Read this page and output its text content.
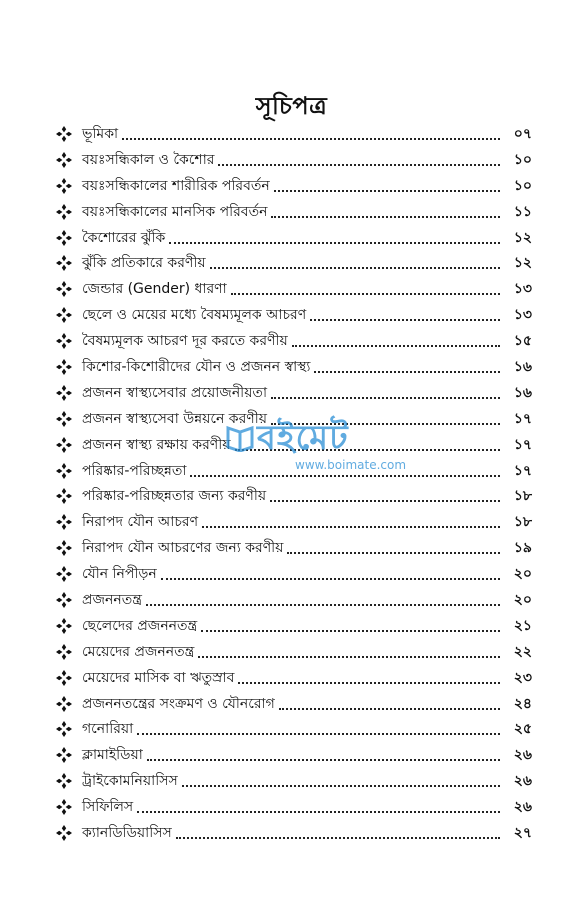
সূচিপত্র
ভূমিকা	০৭
বয়ঃসন্ধিকাল ও কৈশোর	১০
বয়ঃসন্ধিকালের শারীরিক পরিবর্তন	১০
বয়ঃসন্ধিকালের মানসিক পরিবর্তন	১১
কৈশোরের ঝুঁকি	১২
ঝুঁকি প্রতিকারে করণীয়	১২
জেন্ডার (Gender) ধারণা	১৩
ছেলে ও মেয়ের মধ্যে বৈষম্যমূলক আচরণ	১৩
বৈষম্যমূলক আচরণ দূর করতে করণীয়	১৫
কিশোর-কিশোরীদের যৌন ও প্রজনন স্বাস্থ্য	১৬
প্রজনন স্বাস্থ্যসেবার প্রয়োজনীয়তা	১৬
প্রজনন স্বাস্থ্যসেবা উন্নয়নে করণীয়	১৭
প্রজনন স্বাস্থ্য রক্ষায় করণীয়	১৭
পরিষ্কার-পরিচ্ছন্নতা	১৭
পরিষ্কার-পরিচ্ছন্নতার জন্য করণীয়	১৮
নিরাপদ যৌন আচরণ	১৮
নিরাপদ যৌন আচরণের জন্য করণীয়	১৯
যৌন নিপীড়ন	২০
প্রজননতন্ত্র	২০
ছেলেদের প্রজননতন্ত্র	২১
মেয়েদের প্রজননতন্ত্র	২২
মেয়েদের মাসিক বা ঋতুস্রাব	২৩
প্রজননতন্ত্রের সংক্রমণ ও যৌনরোগ	২৪
গনোরিয়া	২৫
ক্লামাইডিয়া	২৬
ট্রাইকোমনিয়াসিস	২৬
সিফিলিস	২৬
ক্যানডিডিয়াসিস	২৭
বইমেট
www.boimate.com
